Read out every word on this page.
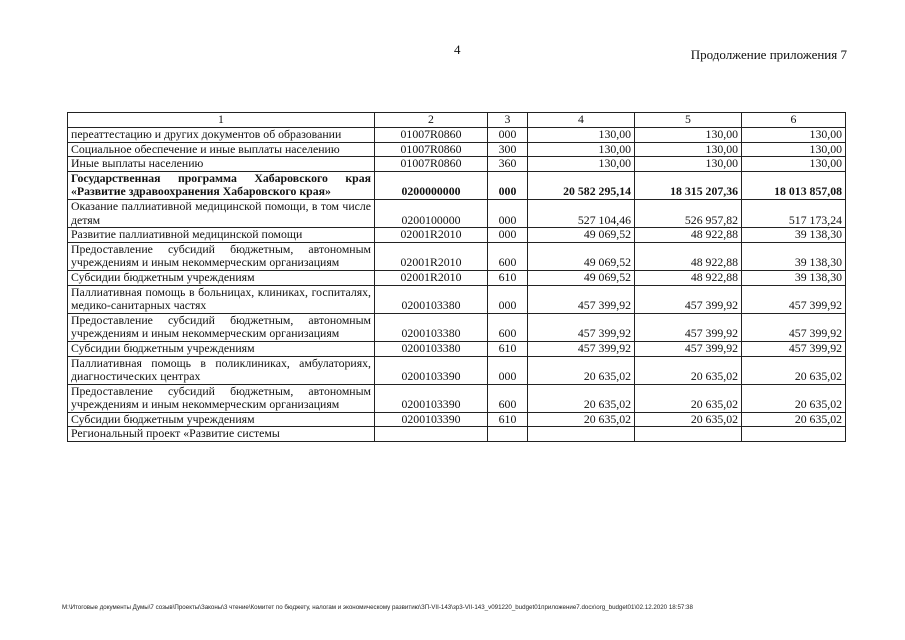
4	Продолжение приложения 7
1	2	3	4	5	6
переаттестацию и других документов об образовании	01007R0860	000	130,00	130,00	130,00
Социальное обеспечение и иные выплаты населению	01007R0860	300	130,00	130,00	130,00
Иные выплаты населению	01007R0860	360	130,00	130,00	130,00
Государственная программа Хабаровского края «Развитие здравоохранения Хабаровского края»	0200000000	000	20 582 295,14	18 315 207,36	18 013 857,08
Оказание паллиативной медицинской помощи, в том числе детям	0200100000	000	527 104,46	526 957,82	517 173,24
Развитие паллиативной медицинской помощи	02001R2010	000	49 069,52	48 922,88	39 138,30
Предоставление субсидий бюджетным, автономным учреждениям и иным некоммерческим организациям	02001R2010	600	49 069,52	48 922,88	39 138,30
Субсидии бюджетным учреждениям	02001R2010	610	49 069,52	48 922,88	39 138,30
Паллиативная помощь в больницах, клиниках, госпиталях, медико-санитарных частях	0200103380	000	457 399,92	457 399,92	457 399,92
Предоставление субсидий бюджетным, автономным учреждениям и иным некоммерческим организациям	0200103380	600	457 399,92	457 399,92	457 399,92
Субсидии бюджетным учреждениям	0200103380	610	457 399,92	457 399,92	457 399,92
Паллиативная помощь в поликлиниках, амбулаториях, диагностических центрах	0200103390	000	20 635,02	20 635,02	20 635,02
Предоставление субсидий бюджетным, автономным учреждениям и иным некоммерческим организациям	0200103390	600	20 635,02	20 635,02	20 635,02
Субсидии бюджетным учреждениям	0200103390	610	20 635,02	20 635,02	20 635,02
Региональный проект «Развитие системы					
M:\Итоговые документы Думы\7 созыв\Проекты\Законы\3 чтение\Комитет по бюджету, налогам и экономическому развитию\ЗП-VII-143\зр3-VII-143_v091220_budget01приложение7.docx\org_budget01\02.12.2020 18:57:38
